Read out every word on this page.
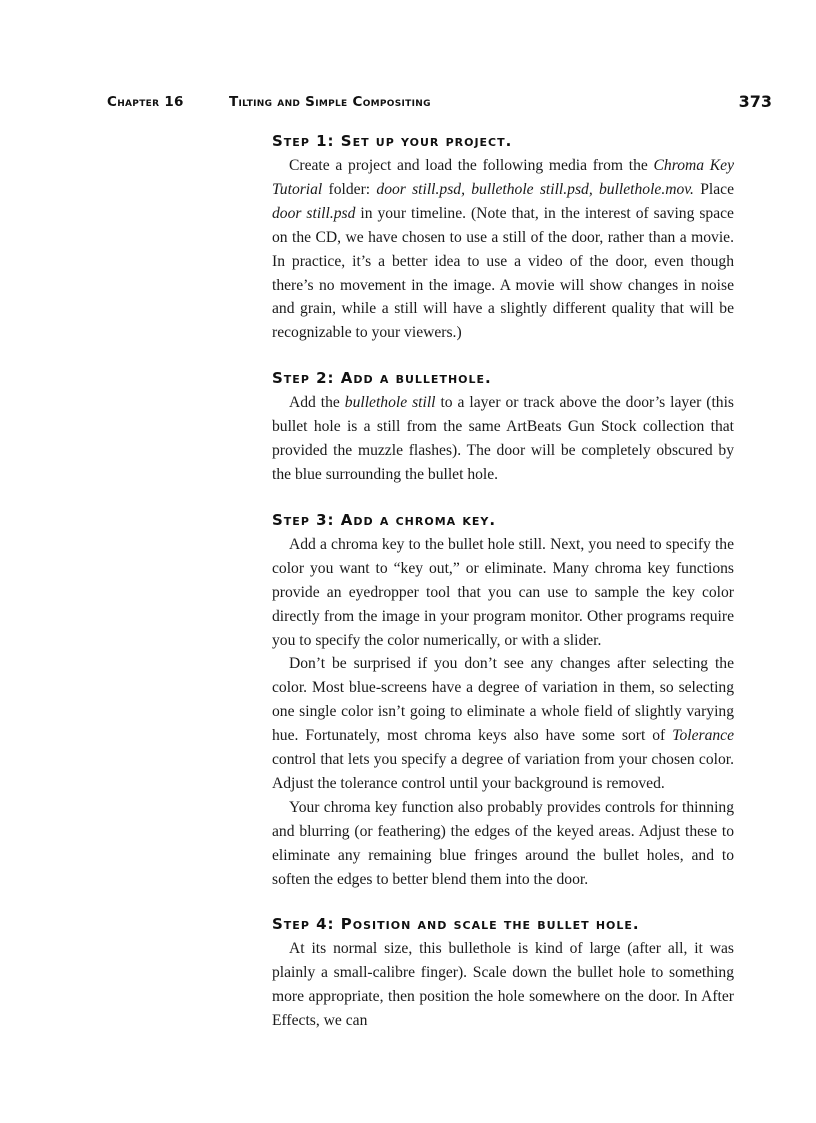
Chapter 16	Tilting and Simple Compositing	373
Step 1: Set up your project.

Create a project and load the following media from the Chroma Key Tutorial folder: door still.psd, bullethole still.psd, bullethole.mov. Place door still.psd in your timeline. (Note that, in the interest of saving space on the CD, we have chosen to use a still of the door, rather than a movie. In practice, it’s a better idea to use a video of the door, even though there’s no movement in the image. A movie will show changes in noise and grain, while a still will have a slightly different quality that will be recognizable to your viewers.)

Step 2: Add a bullethole.

Add the bullethole still to a layer or track above the door’s layer (this bullet hole is a still from the same ArtBeats Gun Stock collection that provided the muzzle flashes). The door will be completely obscured by the blue surrounding the bullet hole.

Step 3: Add a chroma key.

Add a chroma key to the bullet hole still. Next, you need to specify the color you want to “key out,” or eliminate. Many chroma key functions provide an eyedropper tool that you can use to sample the key color directly from the image in your program monitor. Other programs require you to specify the color numerically, or with a slider.

Don’t be surprised if you don’t see any changes after selecting the color. Most blue-screens have a degree of variation in them, so selecting one single color isn’t going to eliminate a whole field of slightly varying hue. Fortunately, most chroma keys also have some sort of Tolerance control that lets you specify a degree of variation from your chosen color. Adjust the tolerance control until your background is removed.

Your chroma key function also probably provides controls for thinning and blurring (or feathering) the edges of the keyed areas. Adjust these to eliminate any remaining blue fringes around the bullet holes, and to soften the edges to better blend them into the door.

Step 4: Position and scale the bullet hole.

At its normal size, this bullethole is kind of large (after all, it was plainly a small-calibre finger). Scale down the bullet hole to something more appropriate, then position the hole somewhere on the door. In After Effects, we can
